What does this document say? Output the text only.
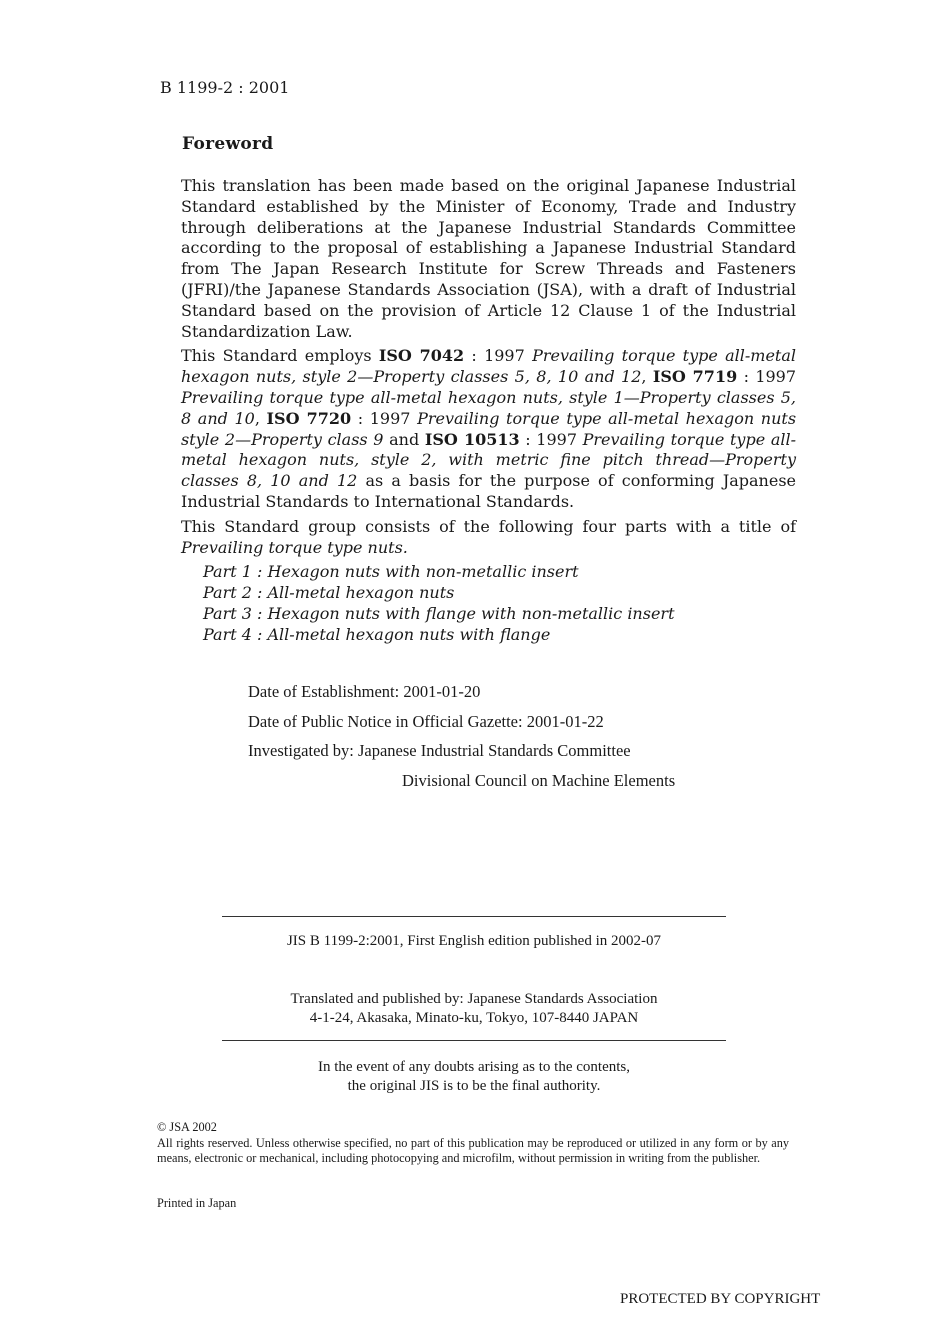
B 1199-2 : 2001
Foreword

This translation has been made based on the original Japanese Industrial Standard established by the Minister of Economy, Trade and Industry through deliberations at the Japanese Industrial Standards Committee according to the proposal of establishing a Japanese Industrial Standard from The Japan Research Institute for Screw Threads and Fasteners (JFRI)/the Japanese Standards Association (JSA), with a draft of Industrial Standard based on the provision of Article 12 Clause 1 of the Industrial Standardization Law.

This Standard employs ISO 7042 : 1997 Prevailing torque type all-metal hexagon nuts, style 2—Property classes 5, 8, 10 and 12, ISO 7719 : 1997 Prevailing torque type all-metal hexagon nuts, style 1—Property classes 5, 8 and 10, ISO 7720 : 1997 Prevailing torque type all-metal hexagon nuts style 2—Property class 9 and ISO 10513 : 1997 Prevailing torque type all-metal hexagon nuts, style 2, with metric fine pitch thread—Property classes 8, 10 and 12 as a basis for the purpose of conforming Japanese Industrial Standards to International Standards.

This Standard group consists of the following four parts with a title of Prevailing torque type nuts.

Part 1 : Hexagon nuts with non-metallic insert
Part 2 : All-metal hexagon nuts
Part 3 : Hexagon nuts with flange with non-metallic insert
Part 4 : All-metal hexagon nuts with flange
Date of Establishment: 2001-01-20
Date of Public Notice in Official Gazette: 2001-01-22
Investigated by: Japanese Industrial Standards Committee
Divisional Council on Machine Elements
JIS B 1199-2:2001, First English edition published in 2002-07
Translated and published by: Japanese Standards Association
4-1-24, Akasaka, Minato-ku, Tokyo, 107-8440 JAPAN
In the event of any doubts arising as to the contents,
the original JIS is to be the final authority.
© JSA 2002
All rights reserved. Unless otherwise specified, no part of this publication may be reproduced or utilized in any form or by any means, electronic or mechanical, including photocopying and microfilm, without permission in writing from the publisher.
Printed in Japan
PROTECTED BY COPYRIGHT
